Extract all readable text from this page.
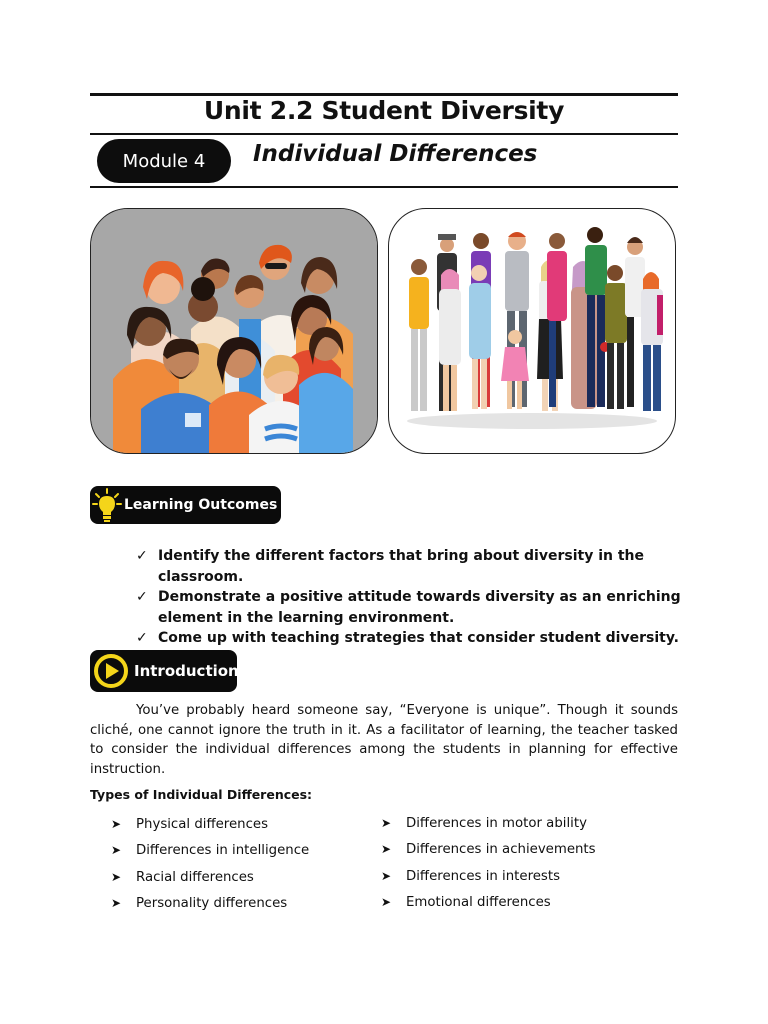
Unit 2.2 Student Diversity
Module 4 Individual Differences
Learning Outcomes
✓ Identify the different factors that bring about diversity in the classroom.
✓ Demonstrate a positive attitude towards diversity as an enriching element in the learning environment.
✓ Come up with teaching strategies that consider student diversity.
Introduction

You’ve probably heard someone say, “Everyone is unique”. Though it sounds cliché, one cannot ignore the truth in it. As a facilitator of learning, the teacher tasked to consider the individual differences among the students in planning for effective instruction.

Types of Individual Differences:
➤ Physical differences
➤ Differences in intelligence
➤ Racial differences
➤ Personality differences
➤ Differences in motor ability
➤ Differences in achievements
➤ Differences in interests
➤ Emotional differences
